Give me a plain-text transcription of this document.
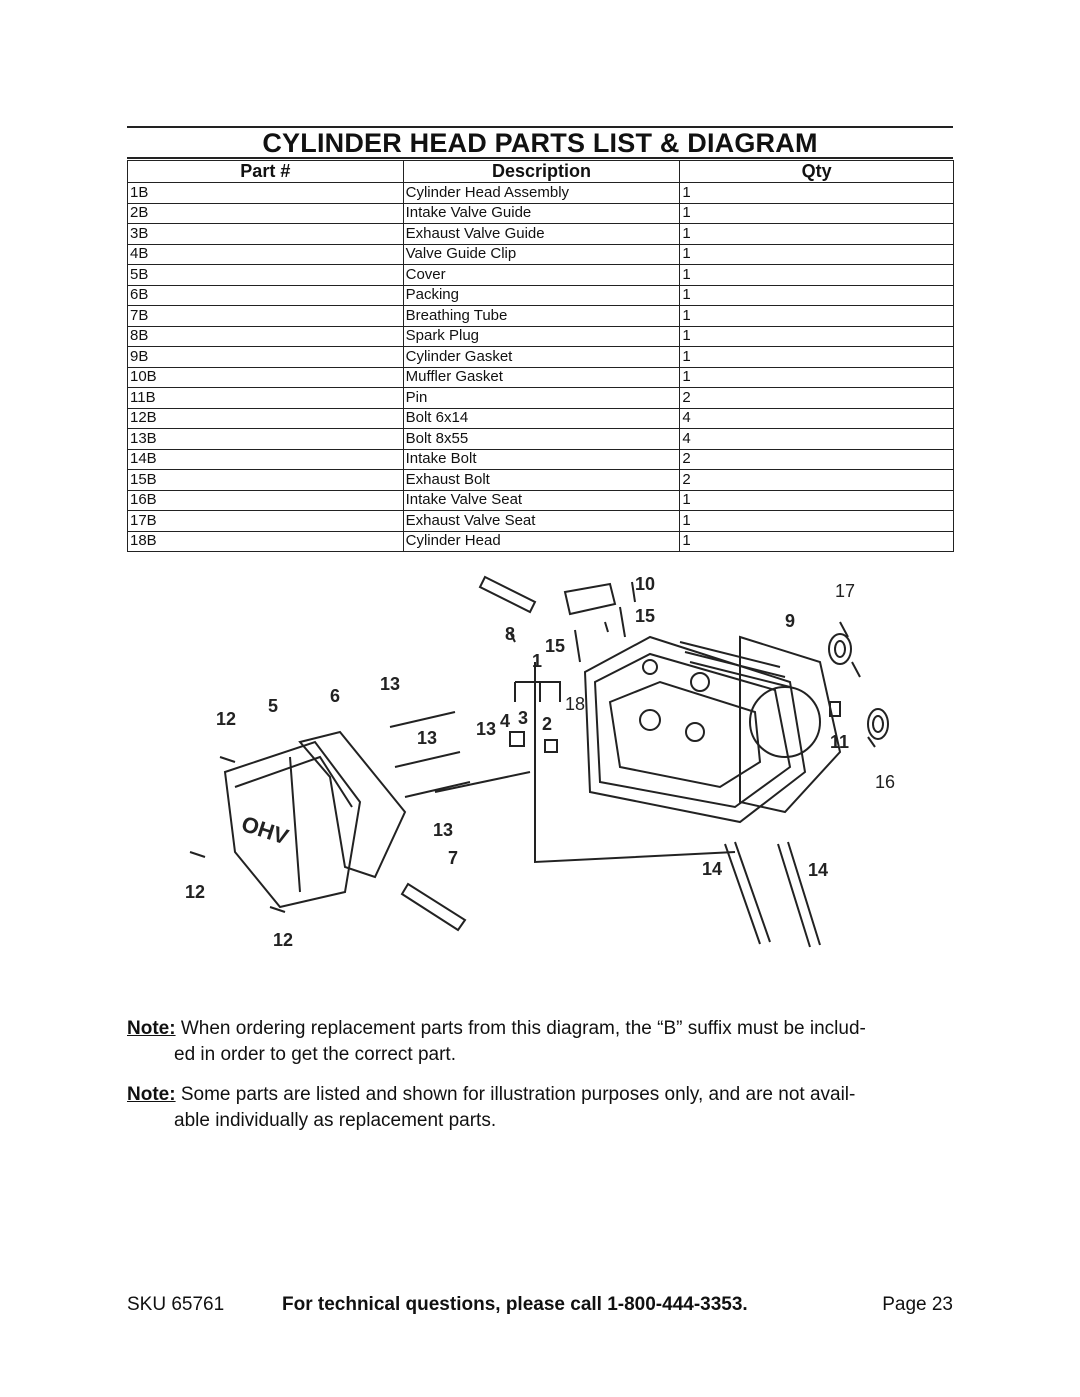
CYLINDER HEAD PARTS LIST & DIAGRAM
Part #	Description	Qty
1B	Cylinder Head Assembly	1
2B	Intake Valve Guide	1
3B	Exhaust Valve Guide	1
4B	Valve Guide Clip	1
5B	Cover	1
6B	Packing	1
7B	Breathing Tube	1
8B	Spark Plug	1
9B	Cylinder Gasket	1
10B	Muffler Gasket	1
11B	Pin	2
12B	Bolt 6x14	4
13B	Bolt 8x55	4
14B	Intake Bolt	2
15B	Exhaust Bolt	2
16B	Intake Valve Seat	1
17B	Exhaust Valve Seat	1
18B	Cylinder Head	1
10
15
8
15
1
17
9
13
6
5
12
18
13
4 3 2
13
11
16
13
7
12
14	14
12
OHV
Note: When ordering replacement parts from this diagram, the “B” suffix must be includ-
ed in order to get the correct part.
Note: Some parts are listed and shown for illustration purposes only, and are not avail-
able individually as replacement parts.
SKU 65761	For technical questions, please call 1-800-444-3353.	Page 23
